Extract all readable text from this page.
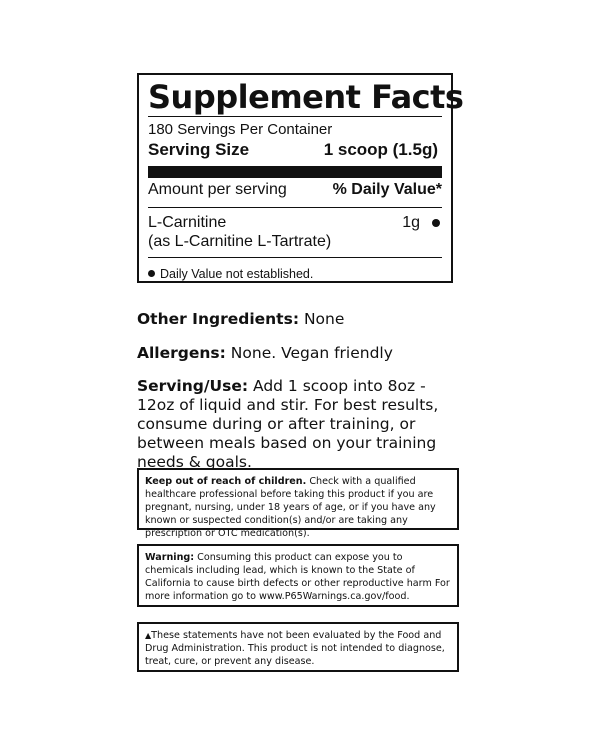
Supplement Facts
180 Servings Per Container
Serving Size	1 scoop (1.5g)
Amount per serving	% Daily Value*
L-Carnitine
(as L-Carnitine L-Tartrate)
1g
Daily Value not established.
Other Ingredients: None
Allergens: None. Vegan friendly
Serving/Use: Add 1 scoop into 8oz - 12oz of liquid and stir. For best results, consume during or after training, or between meals based on your training needs & goals.
Keep out of reach of children. Check with a qualified healthcare professional before taking this product if you are pregnant, nursing, under 18 years of age, or if you have any known or suspected condition(s) and/or are taking any prescription or OTC medication(s).
Warning: Consuming this product can expose you to chemicals including lead, which is known to the State of California to cause birth defects or other reproductive harm For more information go to www.P65Warnings.ca.gov/food.
▲These statements have not been evaluated by the Food and Drug Administration. This product is not intended to diagnose, treat, cure, or prevent any disease.
